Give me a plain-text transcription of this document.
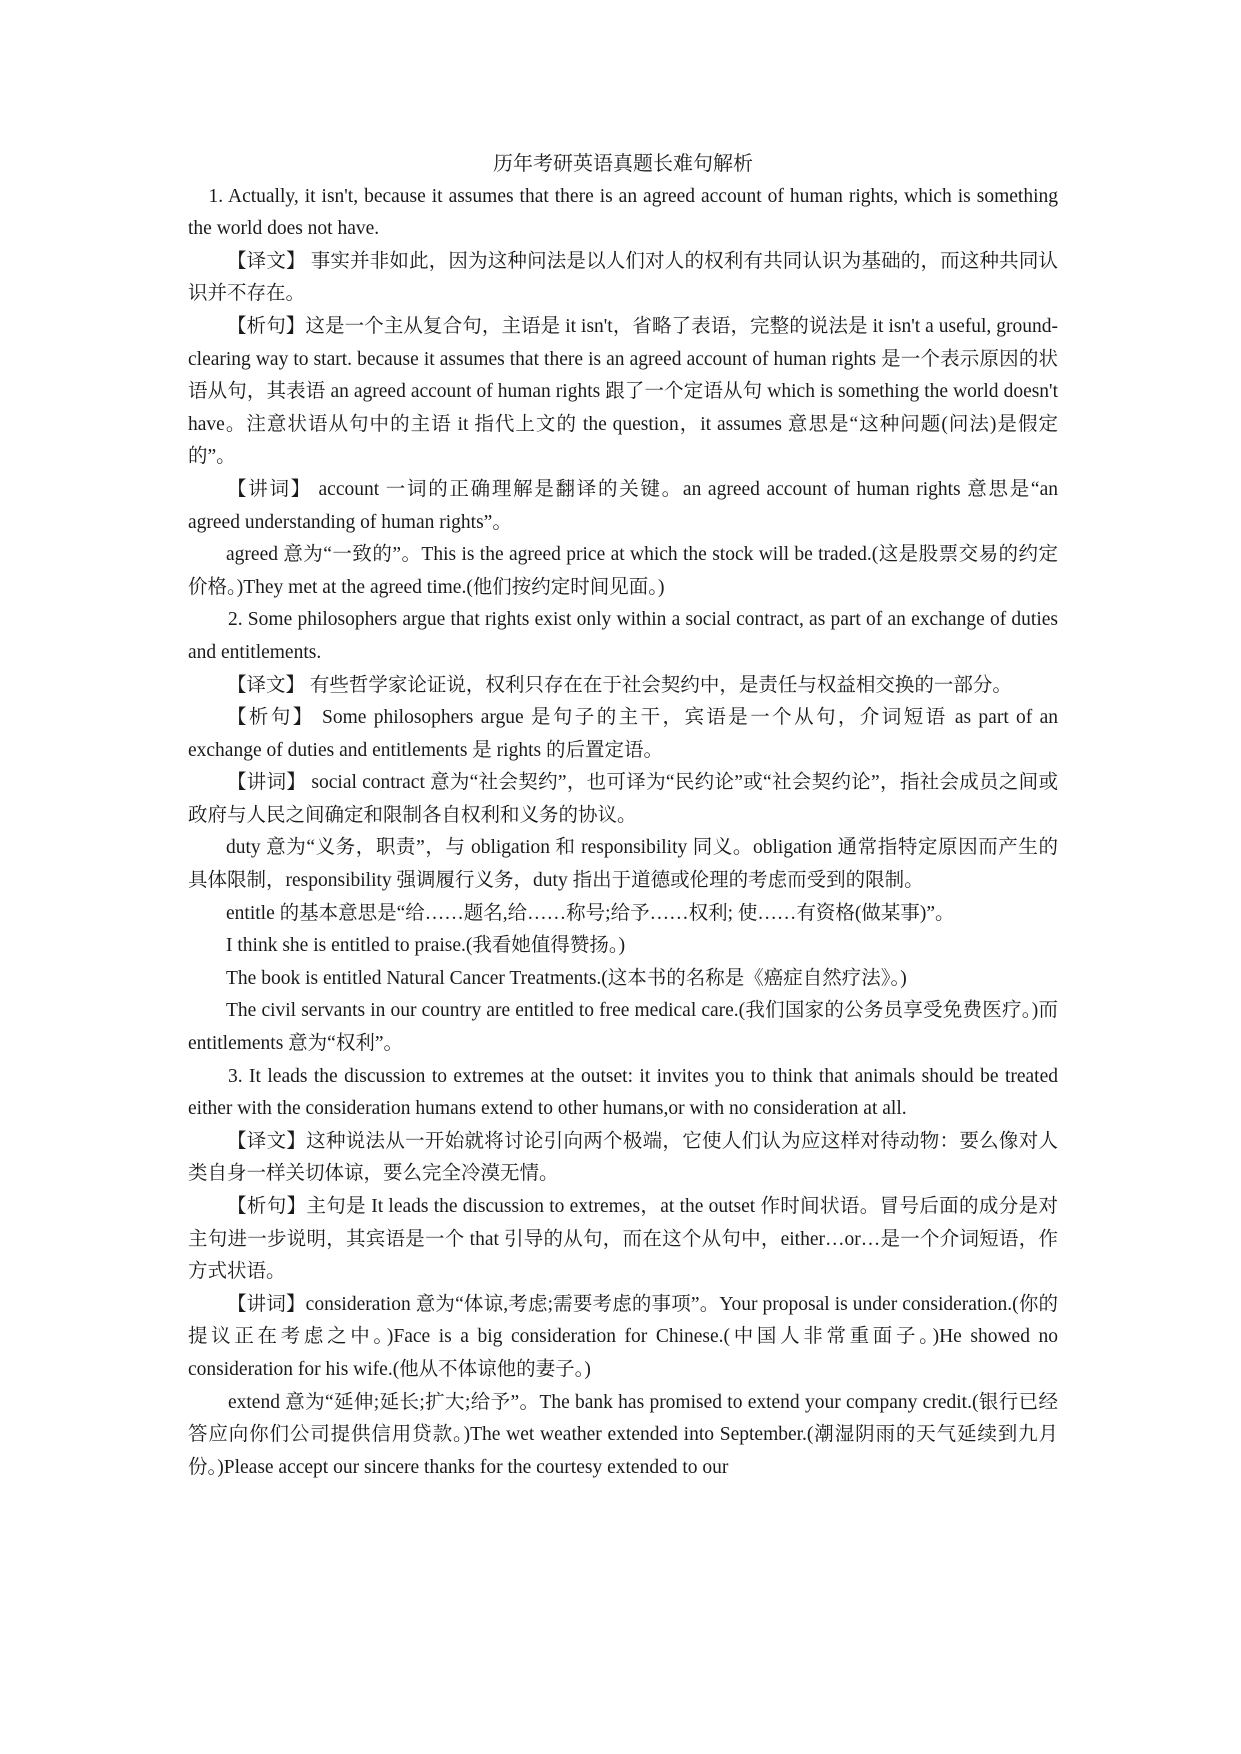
历年考研英语真题长难句解析

1. Actually, it isn't, because it assumes that there is an agreed account of human rights, which is something the world does not have.

【译文】 事实并非如此，因为这种问法是以人们对人的权利有共同认识为基础的，而这种共同认识并不存在。

【析句】这是一个主从复合句，主语是 it isn't，省略了表语，完整的说法是 it isn't a useful, ground-clearing way to start. because it assumes that there is an agreed account of human rights 是一个表示原因的状语从句，其表语 an agreed account of human rights 跟了一个定语从句 which is something the world doesn't have。注意状语从句中的主语 it 指代上文的 the question，it assumes 意思是“这种问题(问法)是假定的”。

【讲词】 account 一词的正确理解是翻译的关键。an agreed account of human rights 意思是“an agreed understanding of human rights”。

agreed 意为“一致的”。This is the agreed price at which the stock will be traded.(这是股票交易的约定价格。)They met at the agreed time.(他们按约定时间见面。)

2. Some philosophers argue that rights exist only within a social contract, as part of an exchange of duties and entitlements.

【译文】 有些哲学家论证说，权利只存在在于社会契约中，是责任与权益相交换的一部分。

【析句】 Some philosophers argue 是句子的主干，宾语是一个从句，介词短语 as part of an exchange of duties and entitlements 是 rights 的后置定语。

【讲词】 social contract 意为“社会契约”，也可译为“民约论”或“社会契约论”，指社会成员之间或政府与人民之间确定和限制各自权利和义务的协议。

duty 意为“义务，职责”，与 obligation 和 responsibility 同义。obligation 通常指特定原因而产生的具体限制，responsibility 强调履行义务，duty 指出于道德或伦理的考虑而受到的限制。

entitle 的基本意思是“给……题名,给……称号;给予……权利; 使……有资格(做某事)”。

I think she is entitled to praise.(我看她值得赞扬。)

The book is entitled Natural Cancer Treatments.(这本书的名称是《癌症自然疗法》。)

The civil servants in our country are entitled to free medical care.(我们国家的公务员享受免费医疗。)而 entitlements 意为“权利”。

3. It leads the discussion to extremes at the outset: it invites you to think that animals should be treated either with the consideration humans extend to other humans,or with no consideration at all.

【译文】这种说法从一开始就将讨论引向两个极端，它使人们认为应这样对待动物：要么像对人类自身一样关切体谅，要么完全冷漠无情。

【析句】主句是 It leads the discussion to extremes，at the outset 作时间状语。冒号后面的成分是对主句进一步说明，其宾语是一个 that 引导的从句，而在这个从句中，either…or…是一个介词短语，作方式状语。

【讲词】consideration 意为“体谅,考虑;需要考虑的事项”。Your proposal is under consideration.(你的提议正在考虑之中。)Face is a big consideration for Chinese.(中国人非常重面子。)He showed no consideration for his wife.(他从不体谅他的妻子。)

extend 意为“延伸;延长;扩大;给予”。The bank has promised to extend your company credit.(银行已经答应向你们公司提供信用贷款。)The wet weather extended into September.(潮湿阴雨的天气延续到九月份。)Please accept our sincere thanks for the courtesy extended to our
